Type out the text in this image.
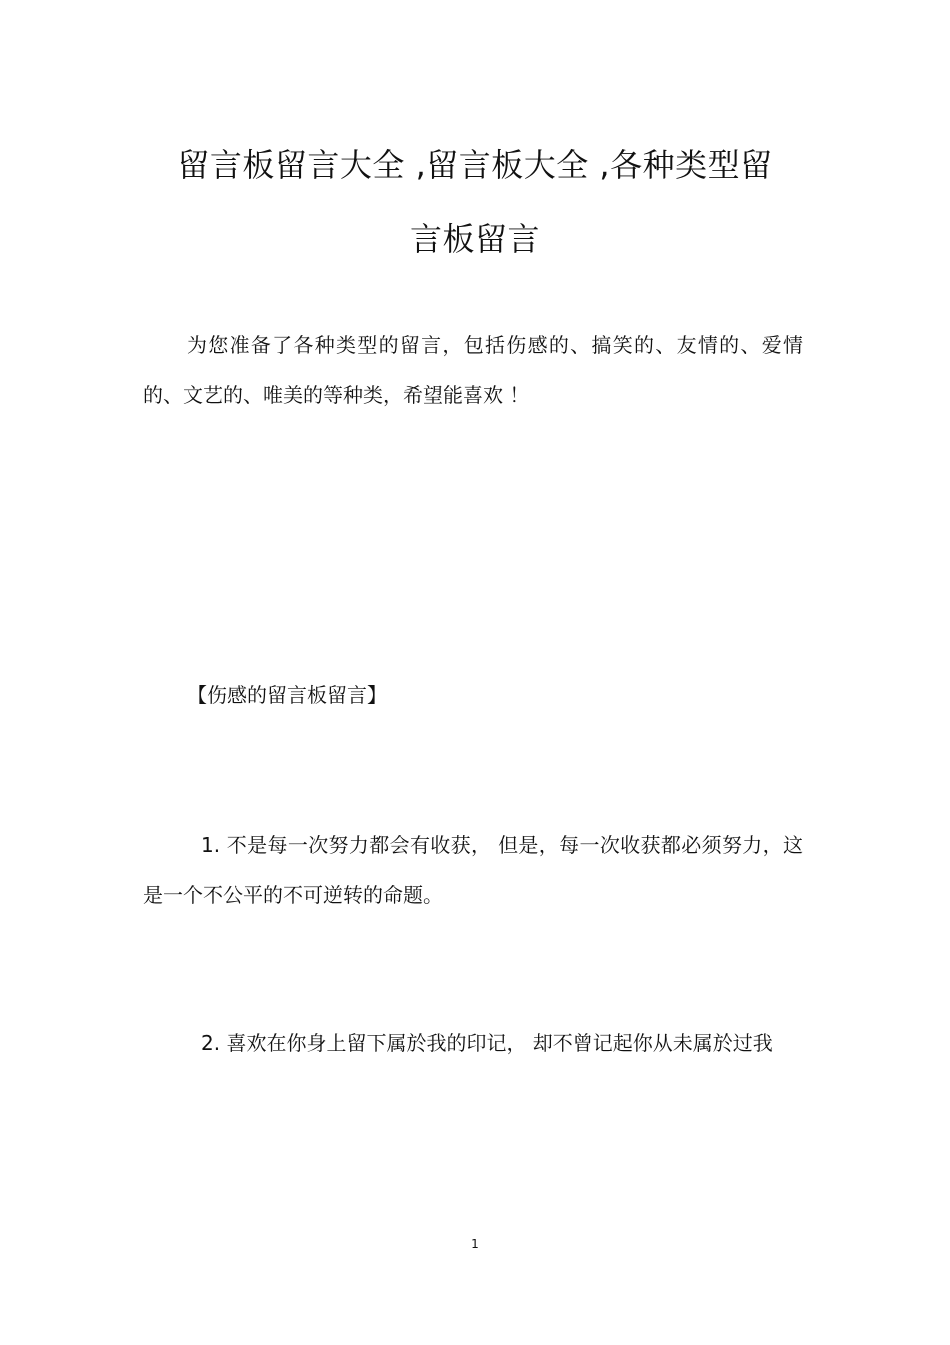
留言板留言大全 ,留言板大全 ,各种类型留
言板留言

为您准备了各种类型的留言，包括伤感的、搞笑的、友情的、爱情的、文艺的、唯美的等种类，希望能喜欢 ！

【伤感的留言板留言】

1. 不是每一次努力都会有收获， 但是，每一次收获都必须努力，这是一个不公平的不可逆转的命题。

2. 喜欢在你身上留下属於我的印记， 却不曾记起你从未属於过我

1
